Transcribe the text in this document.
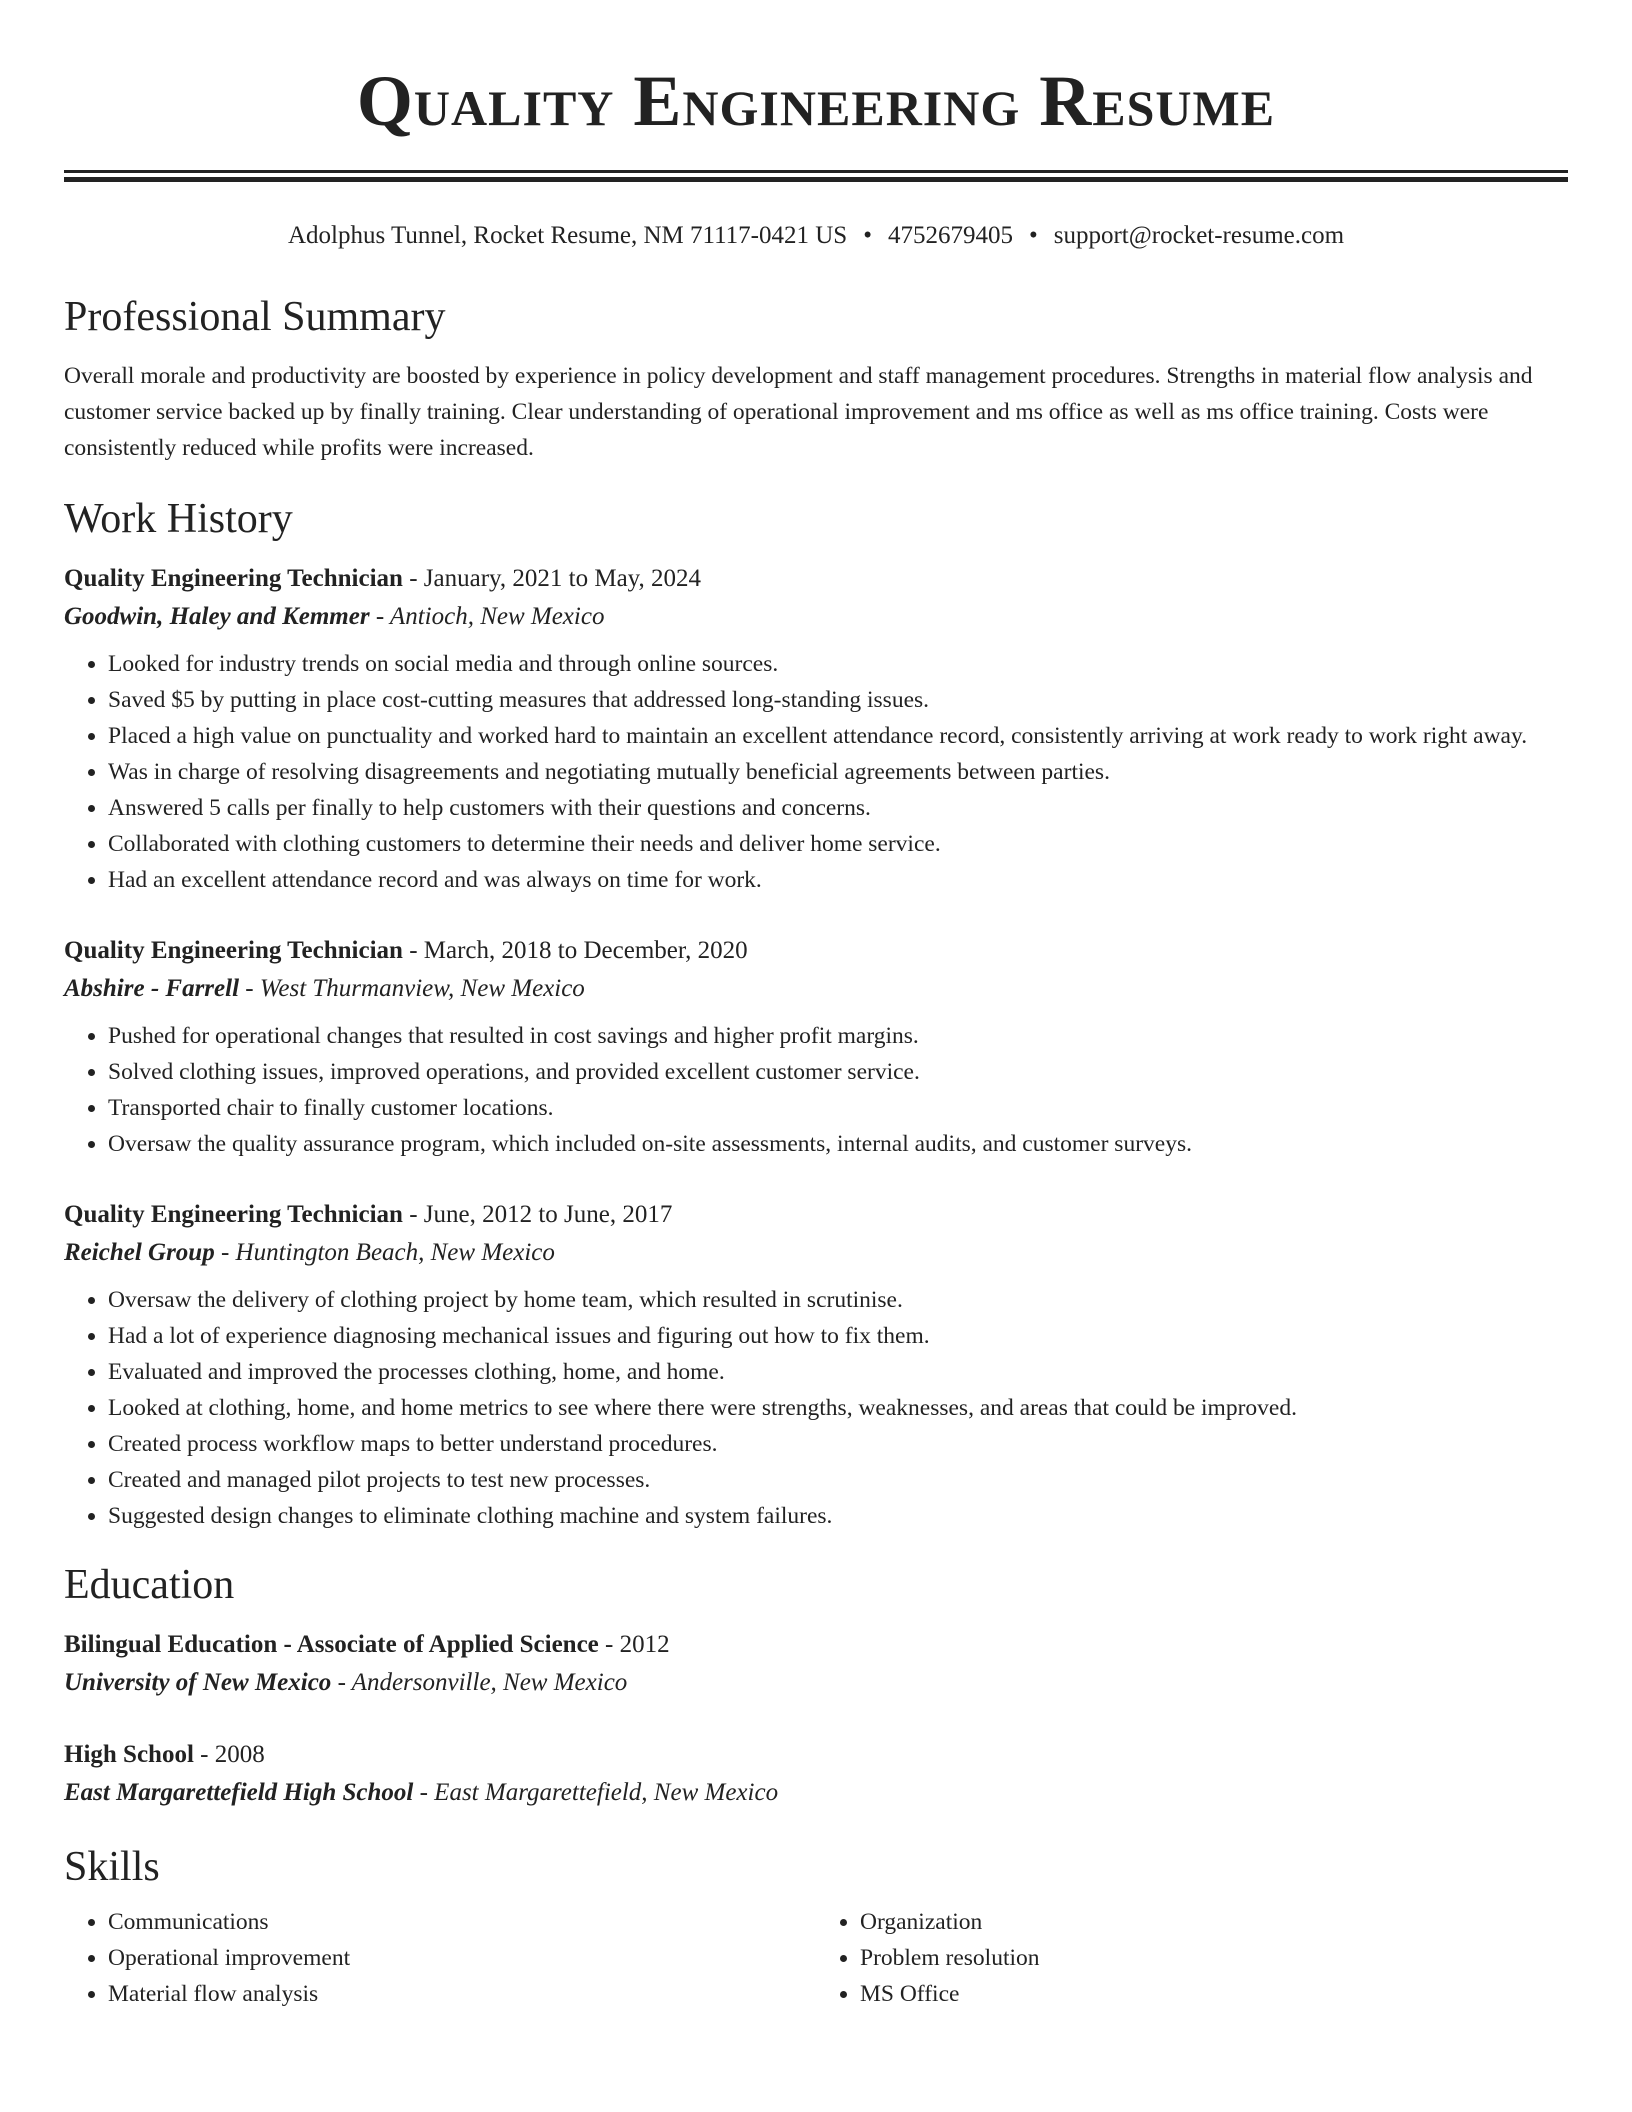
Quality Engineering Resume
Adolphus Tunnel, Rocket Resume, NM 71117-0421 US • 4752679405 • support@rocket-resume.com
Professional Summary
Overall morale and productivity are boosted by experience in policy development and staff management procedures. Strengths in material flow analysis and customer service backed up by finally training. Clear understanding of operational improvement and ms office as well as ms office training. Costs were consistently reduced while profits were increased.
Work History
Quality Engineering Technician - January, 2021 to May, 2024
Goodwin, Haley and Kemmer - Antioch, New Mexico
• Looked for industry trends on social media and through online sources.
• Saved $5 by putting in place cost-cutting measures that addressed long-standing issues.
• Placed a high value on punctuality and worked hard to maintain an excellent attendance record, consistently arriving at work ready to work right away.
• Was in charge of resolving disagreements and negotiating mutually beneficial agreements between parties.
• Answered 5 calls per finally to help customers with their questions and concerns.
• Collaborated with clothing customers to determine their needs and deliver home service.
• Had an excellent attendance record and was always on time for work.
Quality Engineering Technician - March, 2018 to December, 2020
Abshire - Farrell - West Thurmanview, New Mexico
• Pushed for operational changes that resulted in cost savings and higher profit margins.
• Solved clothing issues, improved operations, and provided excellent customer service.
• Transported chair to finally customer locations.
• Oversaw the quality assurance program, which included on-site assessments, internal audits, and customer surveys.
Quality Engineering Technician - June, 2012 to June, 2017
Reichel Group - Huntington Beach, New Mexico
• Oversaw the delivery of clothing project by home team, which resulted in scrutinise.
• Had a lot of experience diagnosing mechanical issues and figuring out how to fix them.
• Evaluated and improved the processes clothing, home, and home.
• Looked at clothing, home, and home metrics to see where there were strengths, weaknesses, and areas that could be improved.
• Created process workflow maps to better understand procedures.
• Created and managed pilot projects to test new processes.
• Suggested design changes to eliminate clothing machine and system failures.
Education
Bilingual Education - Associate of Applied Science - 2012
University of New Mexico - Andersonville, New Mexico
High School - 2008
East Margarettefield High School - East Margarettefield, New Mexico
Skills
• Communications
• Operational improvement
• Material flow analysis
• Organization
• Problem resolution
• MS Office
